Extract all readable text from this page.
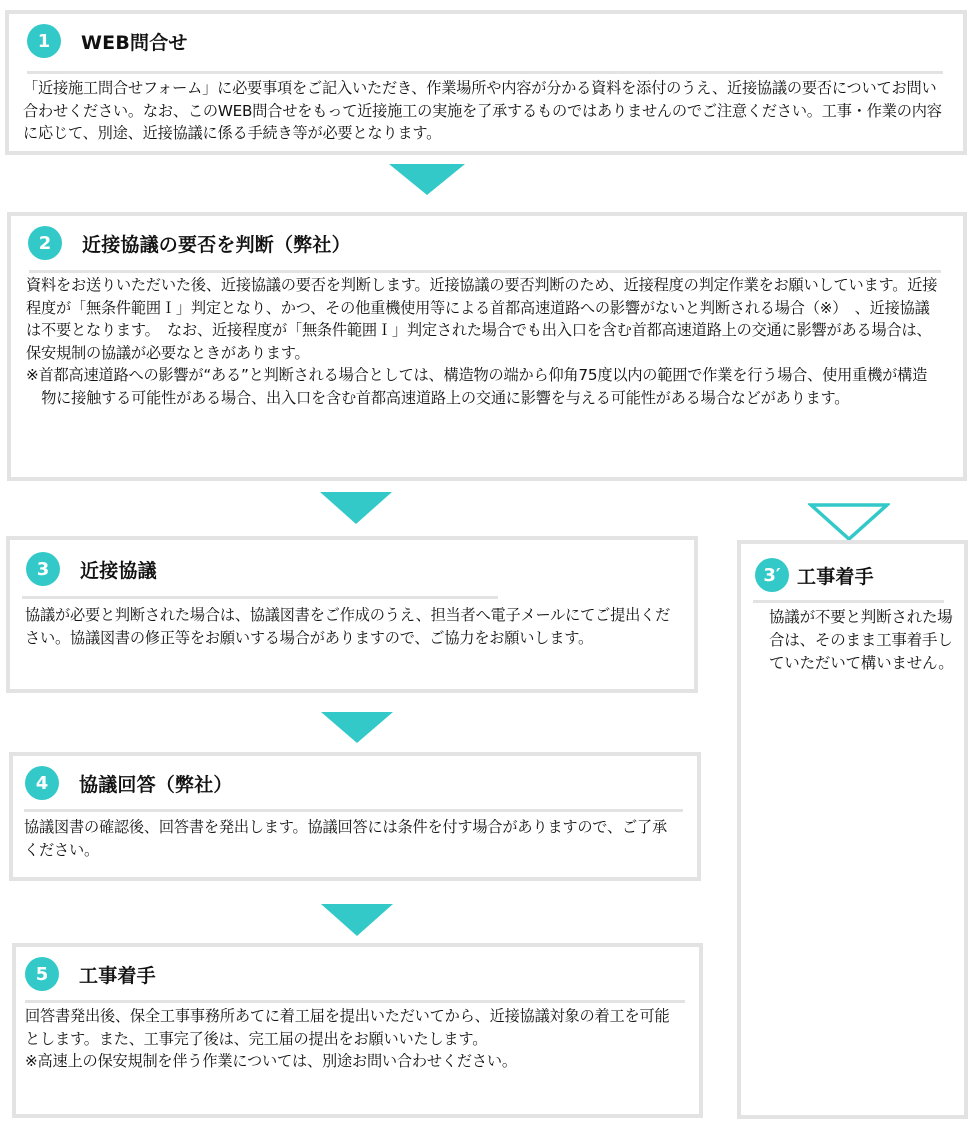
1	WEB問合せ

「近接施工問合せフォーム」に必要事項をご記入いただき、作業場所や内容が分かる資料を添付のうえ、近接協議の要否についてお問い合わせください。なお、このWEB問合せをもって近接施工の実施を了承するものではありませんのでご注意ください。工事・作業の内容に応じて、別途、近接協議に係る手続き等が必要となります。

2	近接協議の要否を判断（弊社）

資料をお送りいただいた後、近接協議の要否を判断します。近接協議の要否判断のため、近接程度の判定作業をお願いしています。近接程度が「無条件範囲Ｉ」判定となり、かつ、その他重機使用等による首都高速道路への影響がないと判断される場合（※）　、近接協議は不要となります。　なお、近接程度が「無条件範囲Ｉ」判定された場合でも出入口を含む首都高速道路上の交通に影響がある場合は、保安規制の協議が必要なときがあります。

※首都高速道路への影響が“ある”と判断される場合としては、構造物の端から仰角75度以内の範囲で作業を行う場合、使用重機が構造物に接触する可能性がある場合、出入口を含む首都高速道路上の交通に影響を与える可能性がある場合などがあります。

3	近接協議

協議が必要と判断された場合は、協議図書をご作成のうえ、担当者へ電子メールにてご提出ください。協議図書の修正等をお願いする場合がありますので、ご協力をお願いします。

3′ 工事着手

協議が不要と判断された場合は、そのまま工事着手していただいて構いません。

4	協議回答（弊社）

協議図書の確認後、回答書を発出します。協議回答には条件を付す場合がありますので、ご了承ください。

5	工事着手

回答書発出後、保全工事事務所あてに着工届を提出いただいてから、近接協議対象の着工を可能とします。また、工事完了後は、完工届の提出をお願いいたします。

※高速上の保安規制を伴う作業については、別途お問い合わせください。
